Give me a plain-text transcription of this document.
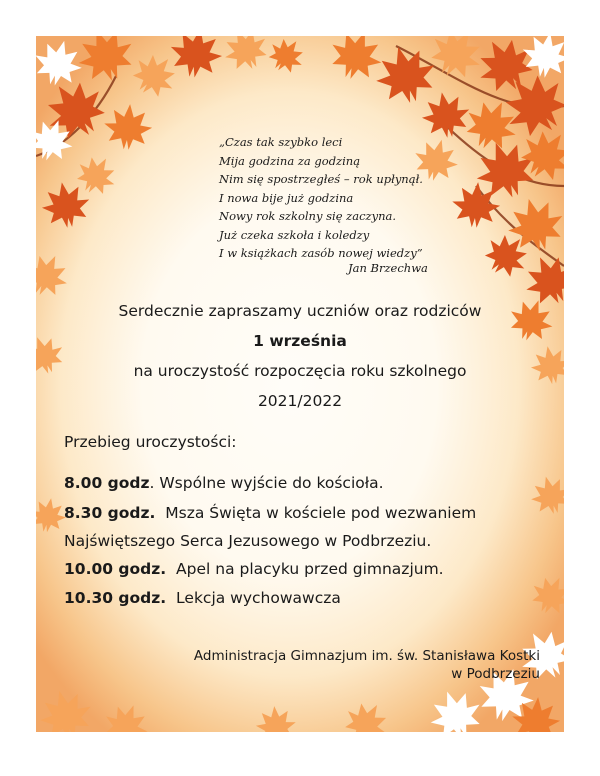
„Czas tak szybko leci
Mija godzina za godziną
Nim się spostrzegłeś – rok upłynął.
I nowa bije już godzina
Nowy rok szkolny się zaczyna.
Już czeka szkoła i koledzy
I w książkach zasób nowej wiedzy”
Jan Brzechwa
Serdecznie zapraszamy uczniów oraz rodziców
1 września
na uroczystość rozpoczęcia roku szkolnego
2021/2022
Przebieg uroczystości:
8.00 godz. Wspólne wyjście do kościoła.
8.30 godz.  Msza Święta w kościele pod wezwaniem
Najświętszego Serca Jezusowego w Podbrzeziu.
10.00 godz.  Apel na placyku przed gimnazjum.
10.30 godz.  Lekcja wychowawcza
Administracja Gimnazjum im. św. Stanisława Kostki
w Podbrzeziu
